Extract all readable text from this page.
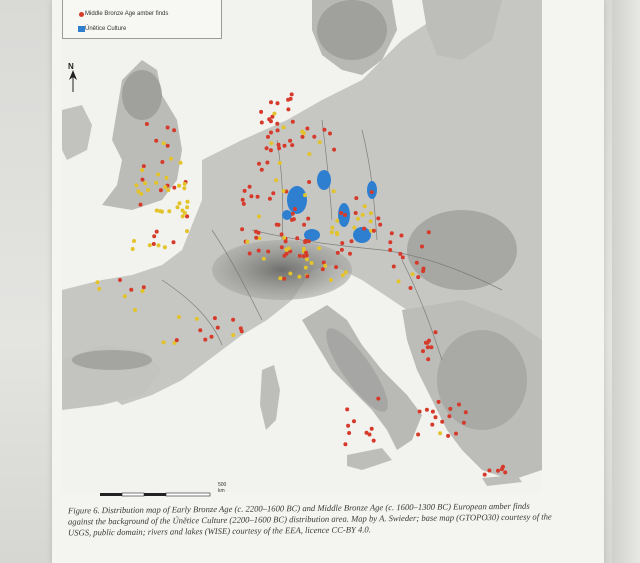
Middle Bronze Age amber finds
Únětice Culture
N
500 km
Figure 6. Distribution map of Early Bronze Age (c. 2200–1600 BC) and Middle Bronze Age (c. 1600–1300 BC) European amber finds against the background of the Únětice Culture (2200–1600 BC) distribution area. Map by A. Swieder; base map (GTOPO30) courtesy of the USGS, public domain; rivers and lakes (WISE) courtesy of the EEA, licence CC-BY 4.0.
